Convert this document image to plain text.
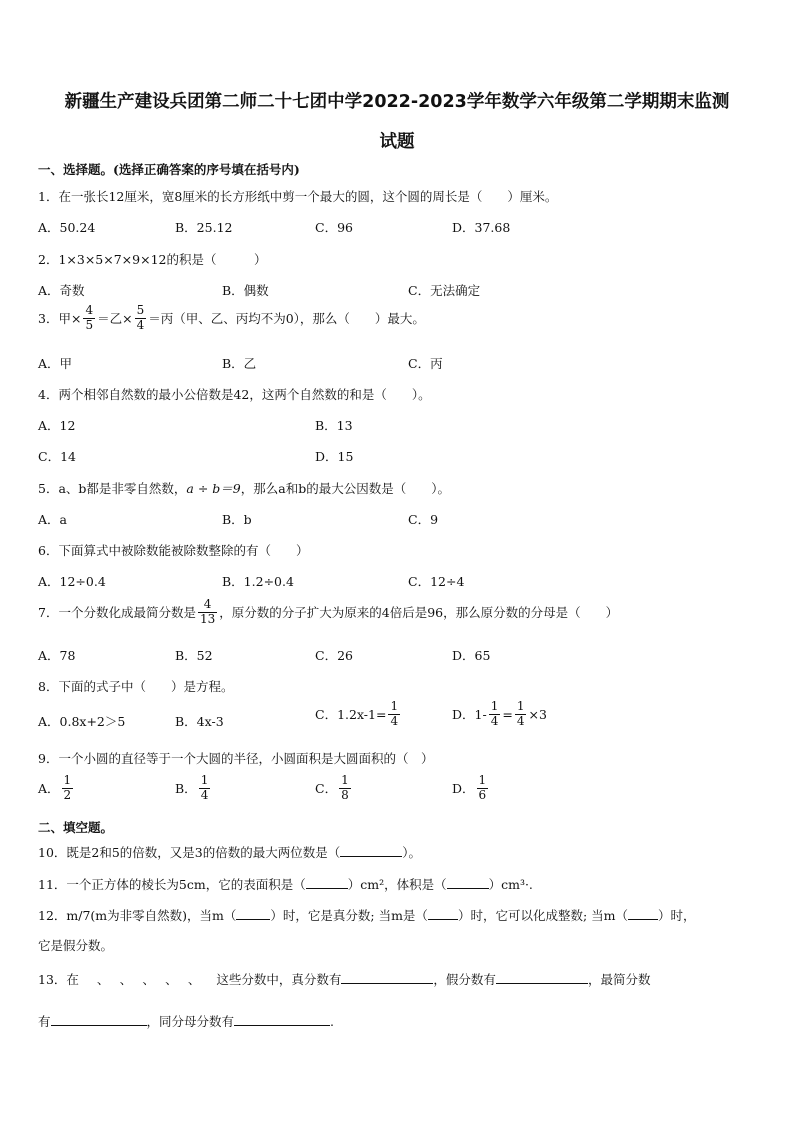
新疆生产建设兵团第二师二十七团中学2022-2023学年数学六年级第二学期期末监测
试题
一、选择题。(选择正确答案的序号填在括号内)
1．在一张长12厘米，宽8厘米的长方形纸中剪一个最大的圆，这个圆的周长是（　　）厘米。
A．50.24	B．25.12	C．96	D．37.68
2．1×3×5×7×9×12的积是（　　　）
A．奇数	B．偶数	C．无法确定
3．甲× $\frac{4}{5}$ ＝乙× $\frac{5}{4}$ ＝丙（甲、乙、丙均不为0），那么（　　）最大。
A．甲	B．乙	C．丙
4．两个相邻自然数的最小公倍数是42，这两个自然数的和是（　　）。
A．12	B．13
C．14	D．15
5．a、b都是非零自然数，a ÷ b＝9，那么a和b的最大公因数是（　　）。
A．a	B．b	C．9
6．下面算式中被除数能被除数整除的有（　　）
A．12÷0.4	B．1.2÷0.4	C．12÷4
7．一个分数化成最简分数是 $\frac{4}{13}$ ，原分数的分子扩大为原来的4倍后是96，那么原分数的分母是（　　）
A．78	B．52	C．26	D．65
8．下面的式子中（　　）是方程。
A．0.8x+2＞5	B．4x-3	C．$1.2x-1= \frac{1}{4}$	D．$1- \frac{1}{4} = \frac{1}{4} \times 3$
9．一个小圆的直径等于一个大圆的半径，小圆面积是大圆面积的（　）
A． $\frac{1}{2}$	B． $\frac{1}{4}$	C． $\frac{1}{8}$	D． $\frac{1}{6}$
二、填空题。
10．既是2和5的倍数，又是3的倍数的最大两位数是（	）。
11．一个正方体的棱长为5cm，它的表面积是（	）cm²，体积是（	）cm³·.
12．m/7(m为非零自然数)，当m（	）时，它是真分数; 当m是（ ）时，它可以化成整数; 当m（ ）时，
它是假分数。
13．在 、　、　、　、　、 这些分数中，真分数有	，假分数有	，最简分数
有	，同分母分数有	.
